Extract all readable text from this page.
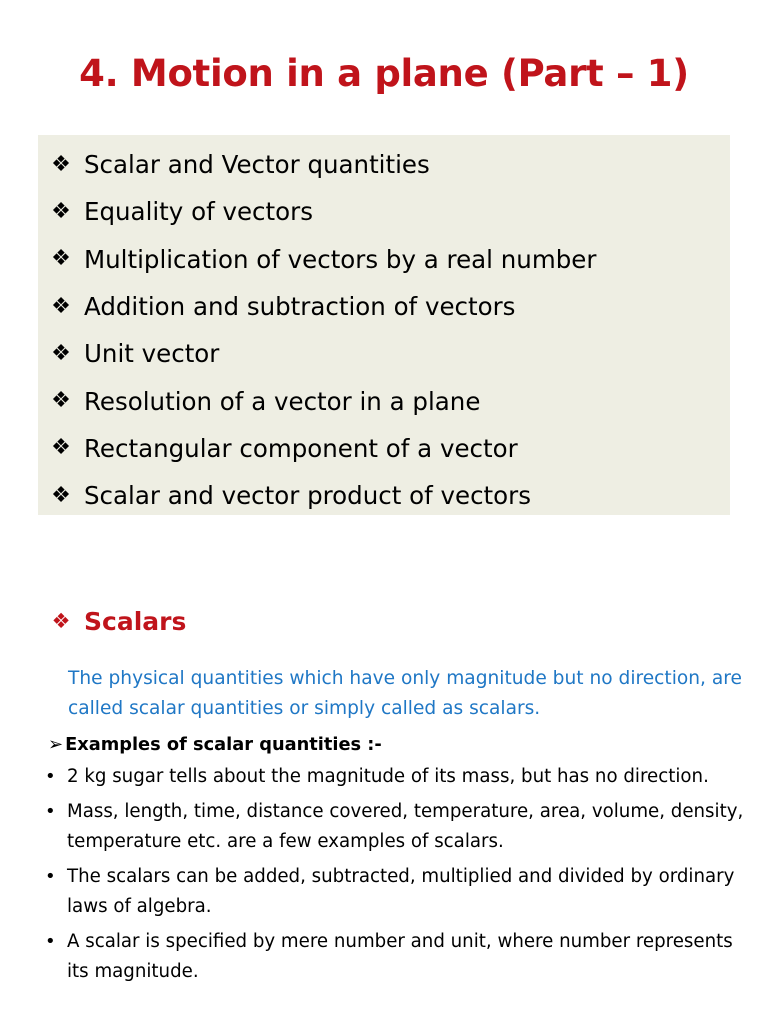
4. Motion in a plane (Part – 1)
❖ Scalar and Vector quantities
❖ Equality of vectors
❖ Multiplication of vectors by a real number
❖ Addition and subtraction of vectors
❖ Unit vector
❖ Resolution of a vector in a plane
❖ Rectangular component of a vector
❖ Scalar and vector product of vectors
❖ Scalars
The physical quantities which have only magnitude but no direction, are called scalar quantities or simply called as scalars.
➢ Examples of scalar quantities :-
• 2 kg sugar tells about the magnitude of its mass, but has no direction.
• Mass, length, time, distance covered, temperature, area, volume, density, temperature etc. are a few examples of scalars.
• The scalars can be added, subtracted, multiplied and divided by ordinary laws of algebra.
• A scalar is specified by mere number and unit, where number represents its magnitude.
